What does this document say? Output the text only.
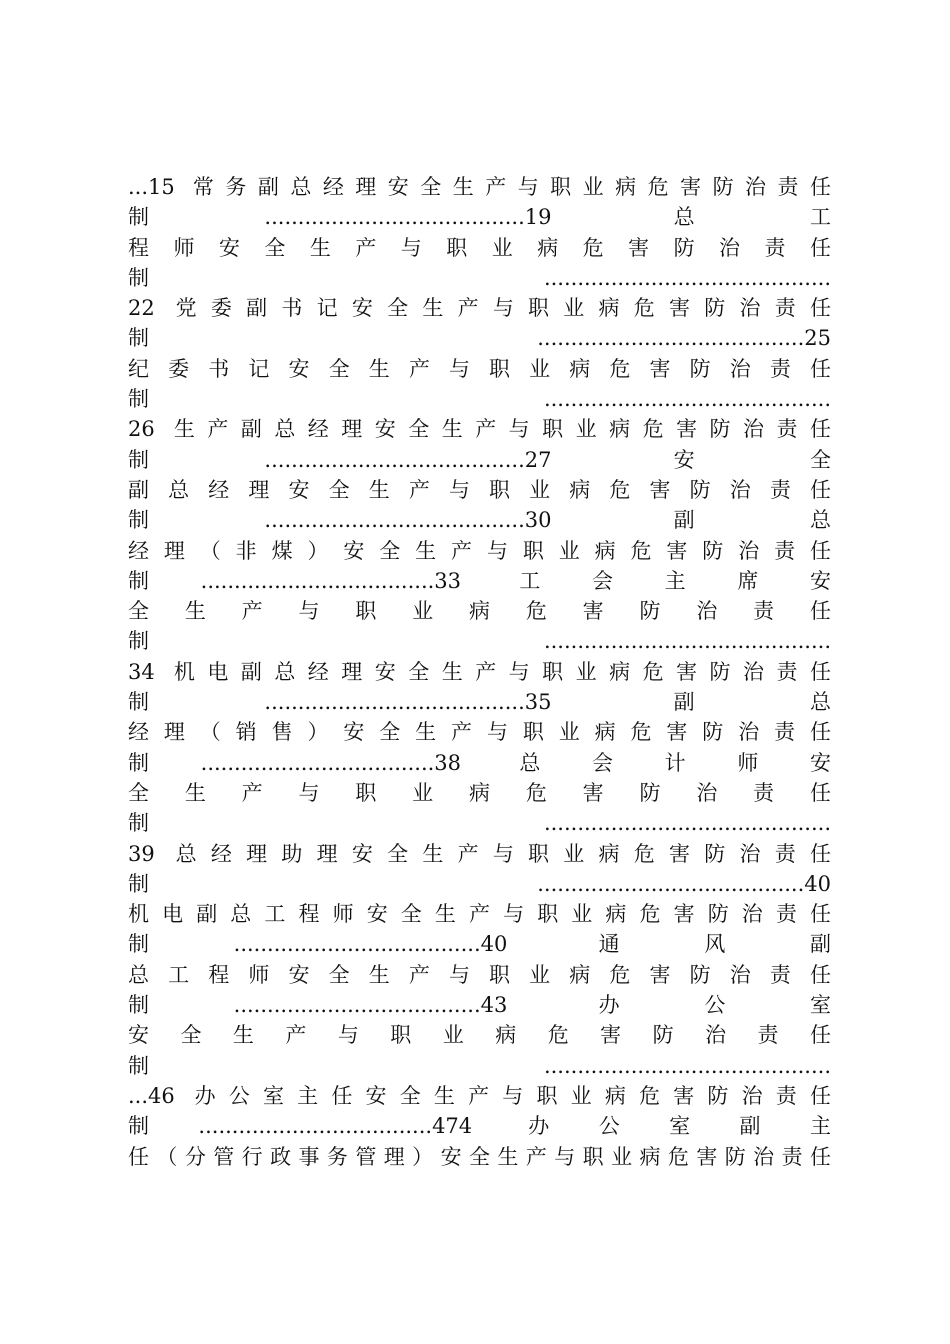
...15 常务副总经理安全生产与职业病危害防治责任
制.......................................19 总工
程 师 安 全 生 产 与 职 业 病 危 害 防 治 责 任
制...........................................
22 党委副书记安全生产与职业病危害防治责任
制 ........................................25
纪 委 书 记 安 全 生 产 与 职 业 病 危 害 防 治 责 任
制...........................................
26 生产副总经理安全生产与职业病危害防治责任
制.......................................27 安全
副 总 经 理 安 全 生 产 与 职 业 病 危 害 防 治 责 任
制.......................................30 副总
经 理 （ 非 煤 ） 安 全 生 产 与 职 业 病 危 害 防 治 责 任
制...................................33 工会主席安
全 生 产 与 职 业 病 危 害 防 治 责 任
制...........................................
34 机电副总经理安全生产与职业病危害防治责任
制.......................................35 副总
经 理 （ 销 售 ） 安 全 生 产 与 职 业 病 危 害 防 治 责 任
制...................................38 总会计师安
全 生 产 与 职 业 病 危 害 防 治 责 任
制...........................................
39 总经理助理安全生产与职业病危害防治责任
制 ........................................40
机电副总工程师安全生产与职业病危害防治责任
制.....................................40 通风副
总 工 程 师 安 全 生 产 与 职 业 病 危 害 防 治 责 任
制.....................................43 办公室
安 全 生 产 与 职 业 病 危 害 防 治 责 任
制...........................................
...46 办公室主任安全生产与职业病危害防治责任
制...................................474 办公室副主
任（分管行政事务管理）安全生产与职业病危害防治责任
